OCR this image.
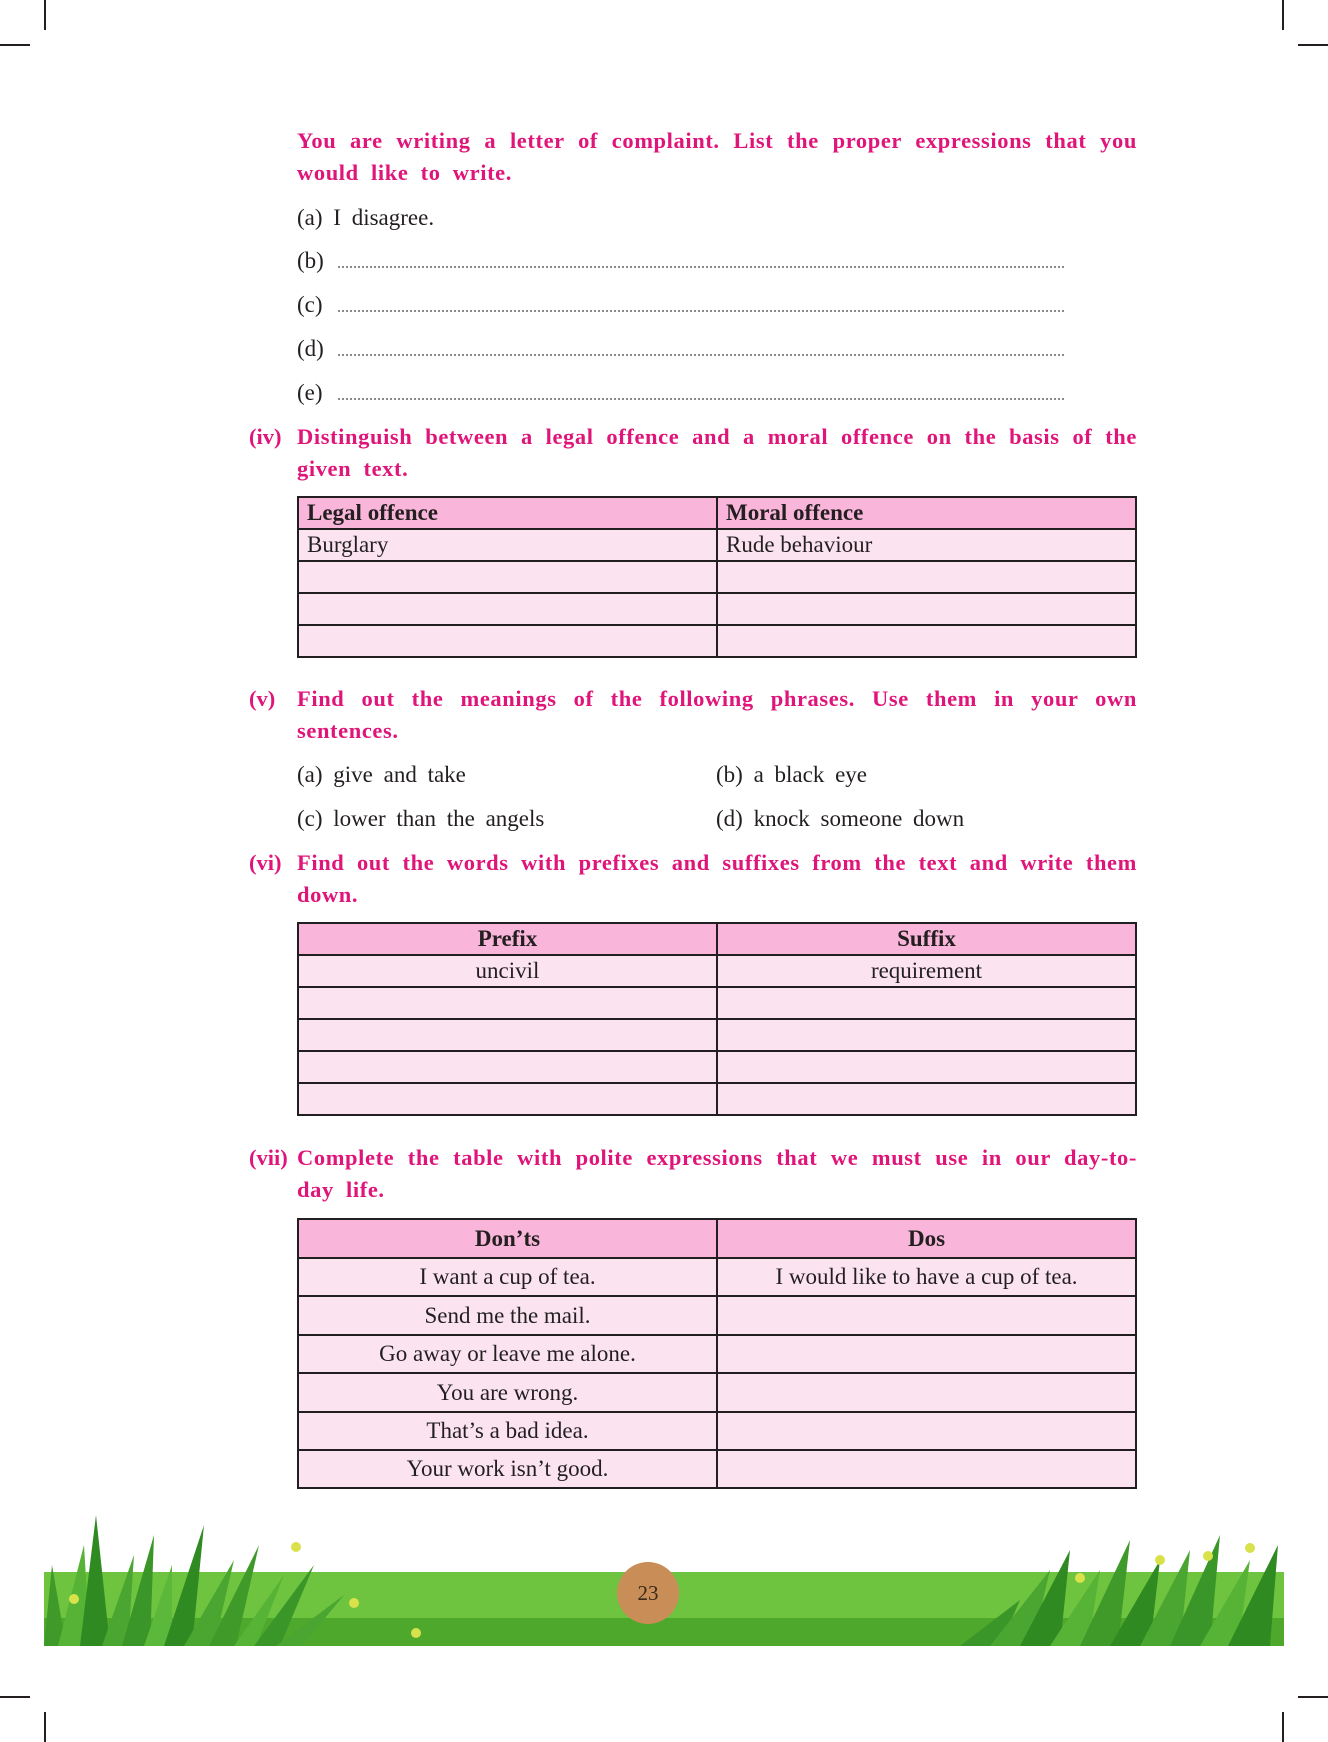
You are writing a letter of complaint. List the proper expressions that you would like to write.
(a) I disagree.
(b)
(c)
(d)
(e)
(iv) Distinguish between a legal offence and a moral offence on the basis of the given text.
Legal offence	Moral offence
Burglary	Rude behaviour

(v) Find out the meanings of the following phrases. Use them in your own sentences.
(a) give and take	(b) a black eye
(c) lower than the angels	(d) knock someone down
(vi) Find out the words with prefixes and suffixes from the text and write them down.
Prefix	Suffix
uncivil	requirement

(vii) Complete the table with polite expressions that we must use in our day-to-day life.
Don’ts	Dos
I want a cup of tea.	I would like to have a cup of tea.
Send me the mail.	
Go away or leave me alone.	
You are wrong.	
That’s a bad idea.	
Your work isn’t good.	
23
